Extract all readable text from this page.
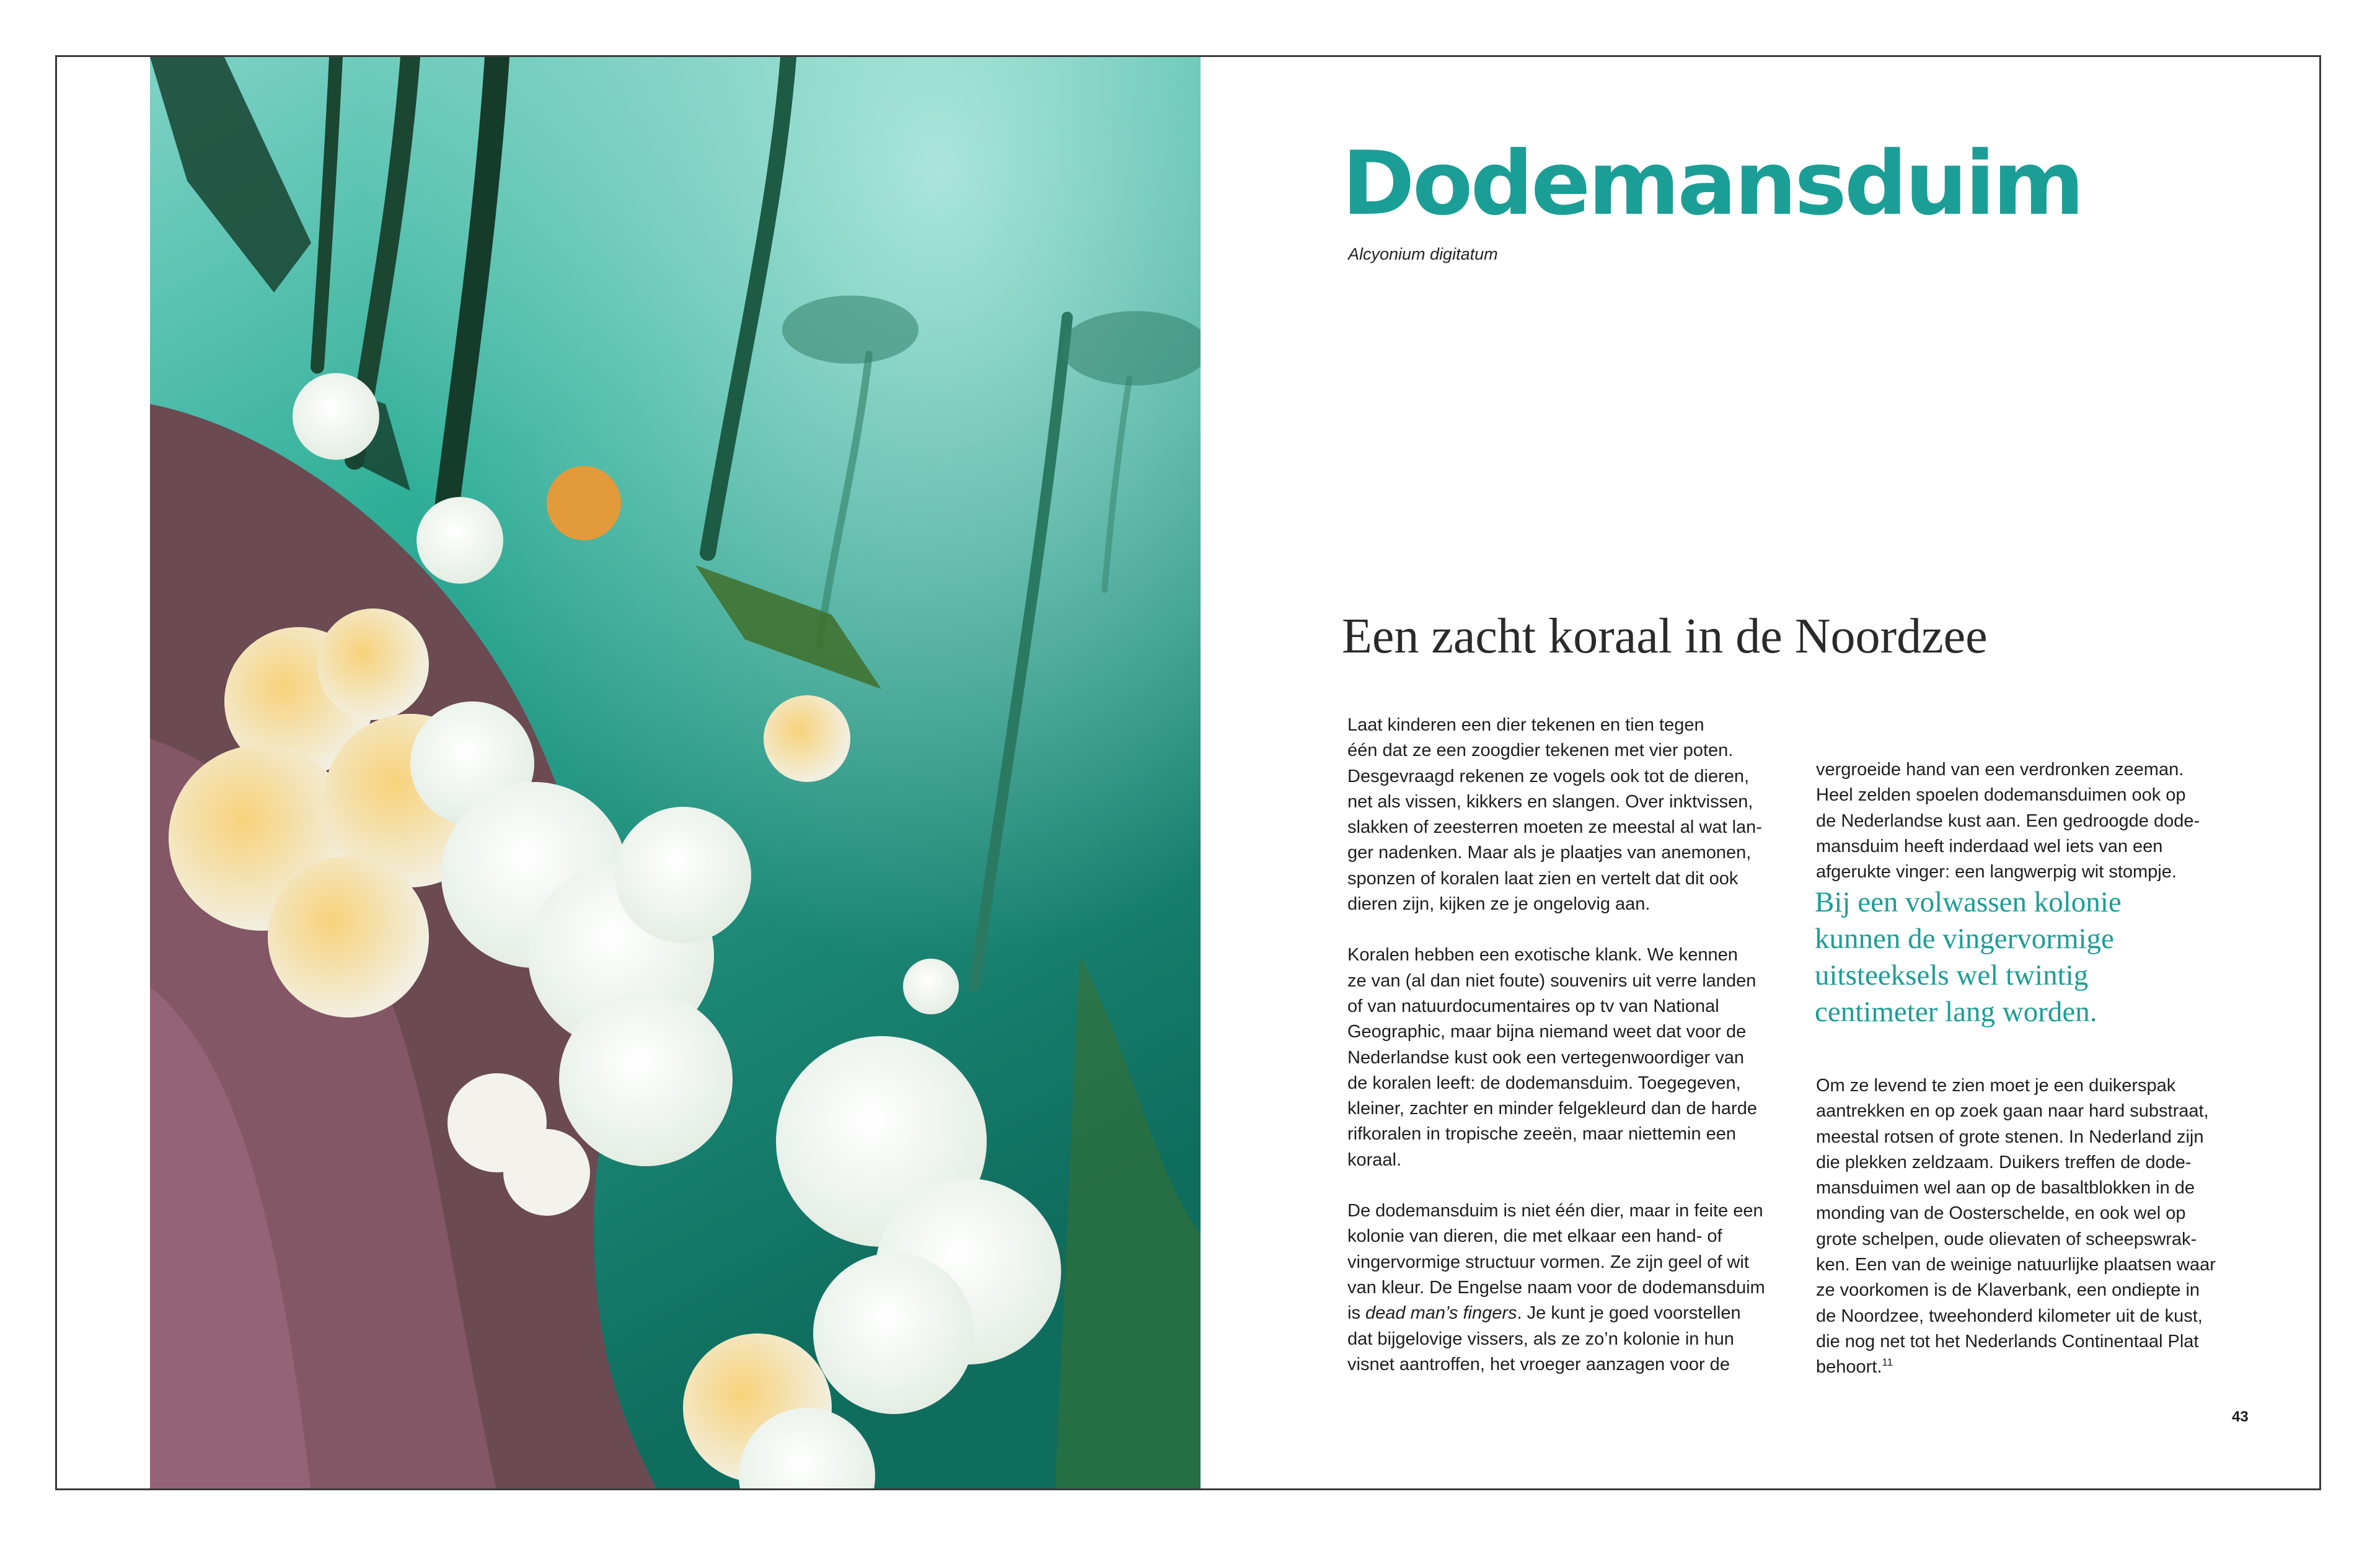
Dodemansduim
Alcyonium digitatum
Een zacht koraal in de Noordzee

Laat kinderen een dier tekenen en tien tegen
één dat ze een zoogdier tekenen met vier poten.
Desgevraagd rekenen ze vogels ook tot de dieren,
net als vissen, kikkers en slangen. Over inktvissen,
slakken of zeesterren moeten ze meestal al wat lan-
ger nadenken. Maar als je plaatjes van anemonen,
sponzen of koralen laat zien en vertelt dat dit ook
dieren zijn, kijken ze je ongelovig aan.

Koralen hebben een exotische klank. We kennen
ze van (al dan niet foute) souvenirs uit verre landen
of van natuurdocumentaires op tv van National
Geographic, maar bijna niemand weet dat voor de
Nederlandse kust ook een vertegenwoordiger van
de koralen leeft: de dodemansduim. Toegegeven,
kleiner, zachter en minder felgekleurd dan de harde
rifkoralen in tropische zeeën, maar niettemin een
koraal.

De dodemansduim is niet één dier, maar in feite een
kolonie van dieren, die met elkaar een hand- of
vingervormige structuur vormen. Ze zijn geel of wit
van kleur. De Engelse naam voor de dodemansduim
is dead man’s fingers. Je kunt je goed voorstellen
dat bijgelovige vissers, als ze zo’n kolonie in hun
visnet aantroffen, het vroeger aanzagen voor de

vergroeide hand van een verdronken zeeman.
Heel zelden spoelen dodemansduimen ook op
de Nederlandse kust aan. Een gedroogde dode-
mansduim heeft inderdaad wel iets van een
afgerukte vinger: een langwerpig wit stompje.

Bij een volwassen kolonie
kunnen de vingervormige
uitsteeksels wel twintig
centimeter lang worden.

Om ze levend te zien moet je een duikerspak
aantrekken en op zoek gaan naar hard substraat,
meestal rotsen of grote stenen. In Nederland zijn
die plekken zeldzaam. Duikers treffen de dode-
mansduimen wel aan op de basaltblokken in de
monding van de Oosterschelde, en ook wel op
grote schelpen, oude olievaten of scheepswrak-
ken. Een van de weinige natuurlijke plaatsen waar
ze voorkomen is de Klaverbank, een ondiepte in
de Noordzee, tweehonderd kilometer uit de kust,
die nog net tot het Nederlands Continentaal Plat
behoort.$^{11}$

43
